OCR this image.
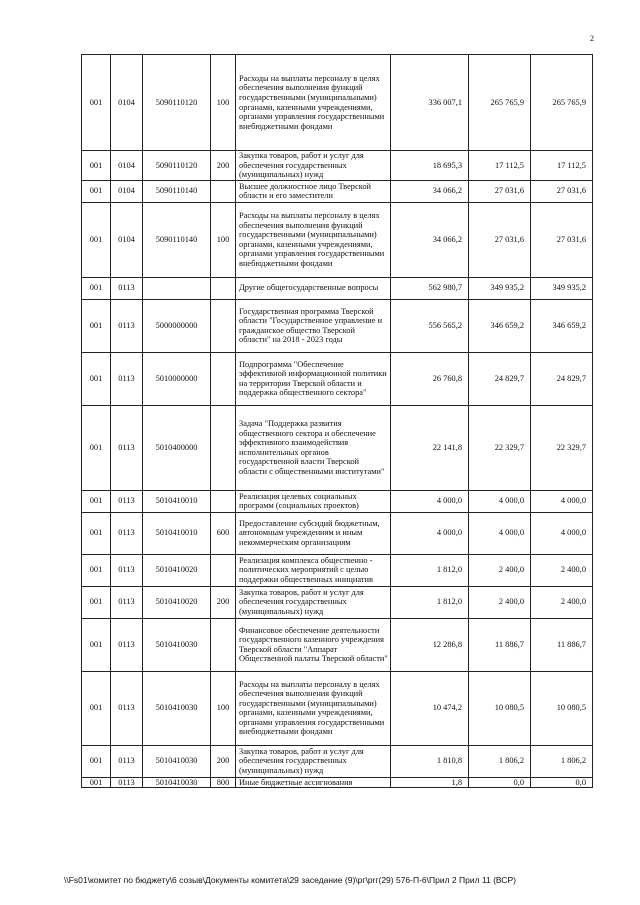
2
001	0104	5090110120	100	Расходы на выплаты персоналу в целях обеспечения выполнения функций государственными (муниципальными) органами, казенными учреждениями, органами управления государственными внебюджетными фондами	336 007,1	265 765,9	265 765,9
001	0104	5090110120	200	Закупка товаров, работ и услуг для обеспечения государственных (муниципальных) нужд	18 695,3	17 112,5	17 112,5
001	0104	5090110140		Высшее должностное лицо Тверской области и его заместители	34 066,2	27 031,6	27 031,6
001	0104	5090110140	100	Расходы на выплаты персоналу в целях обеспечения выполнения функций государственными (муниципальными) органами, казенными учреждениями, органами управления государственными внебюджетными фондами	34 066,2	27 031,6	27 031,6
001	0113			Другие общегосударственные вопросы	562 980,7	349 935,2	349 935,2
001	0113	5000000000		Государственная программа Тверской области "Государственное управление и гражданское общество Тверской области" на 2018 - 2023 годы	556 565,2	346 659,2	346 659,2
001	0113	5010000000		Подпрограмма "Обеспечение эффективной информационной политики на территории Тверской области и поддержка общественного сектора"	26 760,8	24 829,7	24 829,7
001	0113	5010400000		Задача "Поддержка развития общественного сектора и обеспечение эффективного взаимодействия исполнительных органов государственной власти Тверской области с общественными институтами"	22 141,8	22 329,7	22 329,7
001	0113	5010410010		Реализация целевых социальных программ (социальных проектов)	4 000,0	4 000,0	4 000,0
001	0113	5010410010	600	Предоставление субсидий бюджетным, автономным учреждениям и иным некоммерческим организациям	4 000,0	4 000,0	4 000,0
001	0113	5010410020		Реализация комплекса общественно - политических мероприятий с целью поддержки общественных инициатив	1 812,0	2 400,0	2 400,0
001	0113	5010410020	200	Закупка товаров, работ и услуг для обеспечения государственных (муниципальных) нужд	1 812,0	2 400,0	2 400,0
001	0113	5010410030		Финансовое обеспечение деятельности государственного казенного учреждения Тверской области "Аппарат Общественной палаты Тверской области"	12 286,8	11 886,7	11 886,7
001	0113	5010410030	100	Расходы на выплаты персоналу в целях обеспечения выполнения функций государственными (муниципальными) органами, казенными учреждениями, органами управления государственными внебюджетными фондами	10 474,2	10 080,5	10 080,5
001	0113	5010410030	200	Закупка товаров, работ и услуг для обеспечения государственных (муниципальных) нужд	1 810,8	1 806,2	1 806,2
001	0113	5010410030	800	Иные бюджетные ассигнования	1,8	0,0	0,0
\\Fs01\комитет по бюджету\6 созыв\Документы комитета\29 заседание (9)\рг\prг(29) 576-П-6\Прил 2 Прил 11 (ВСР)
